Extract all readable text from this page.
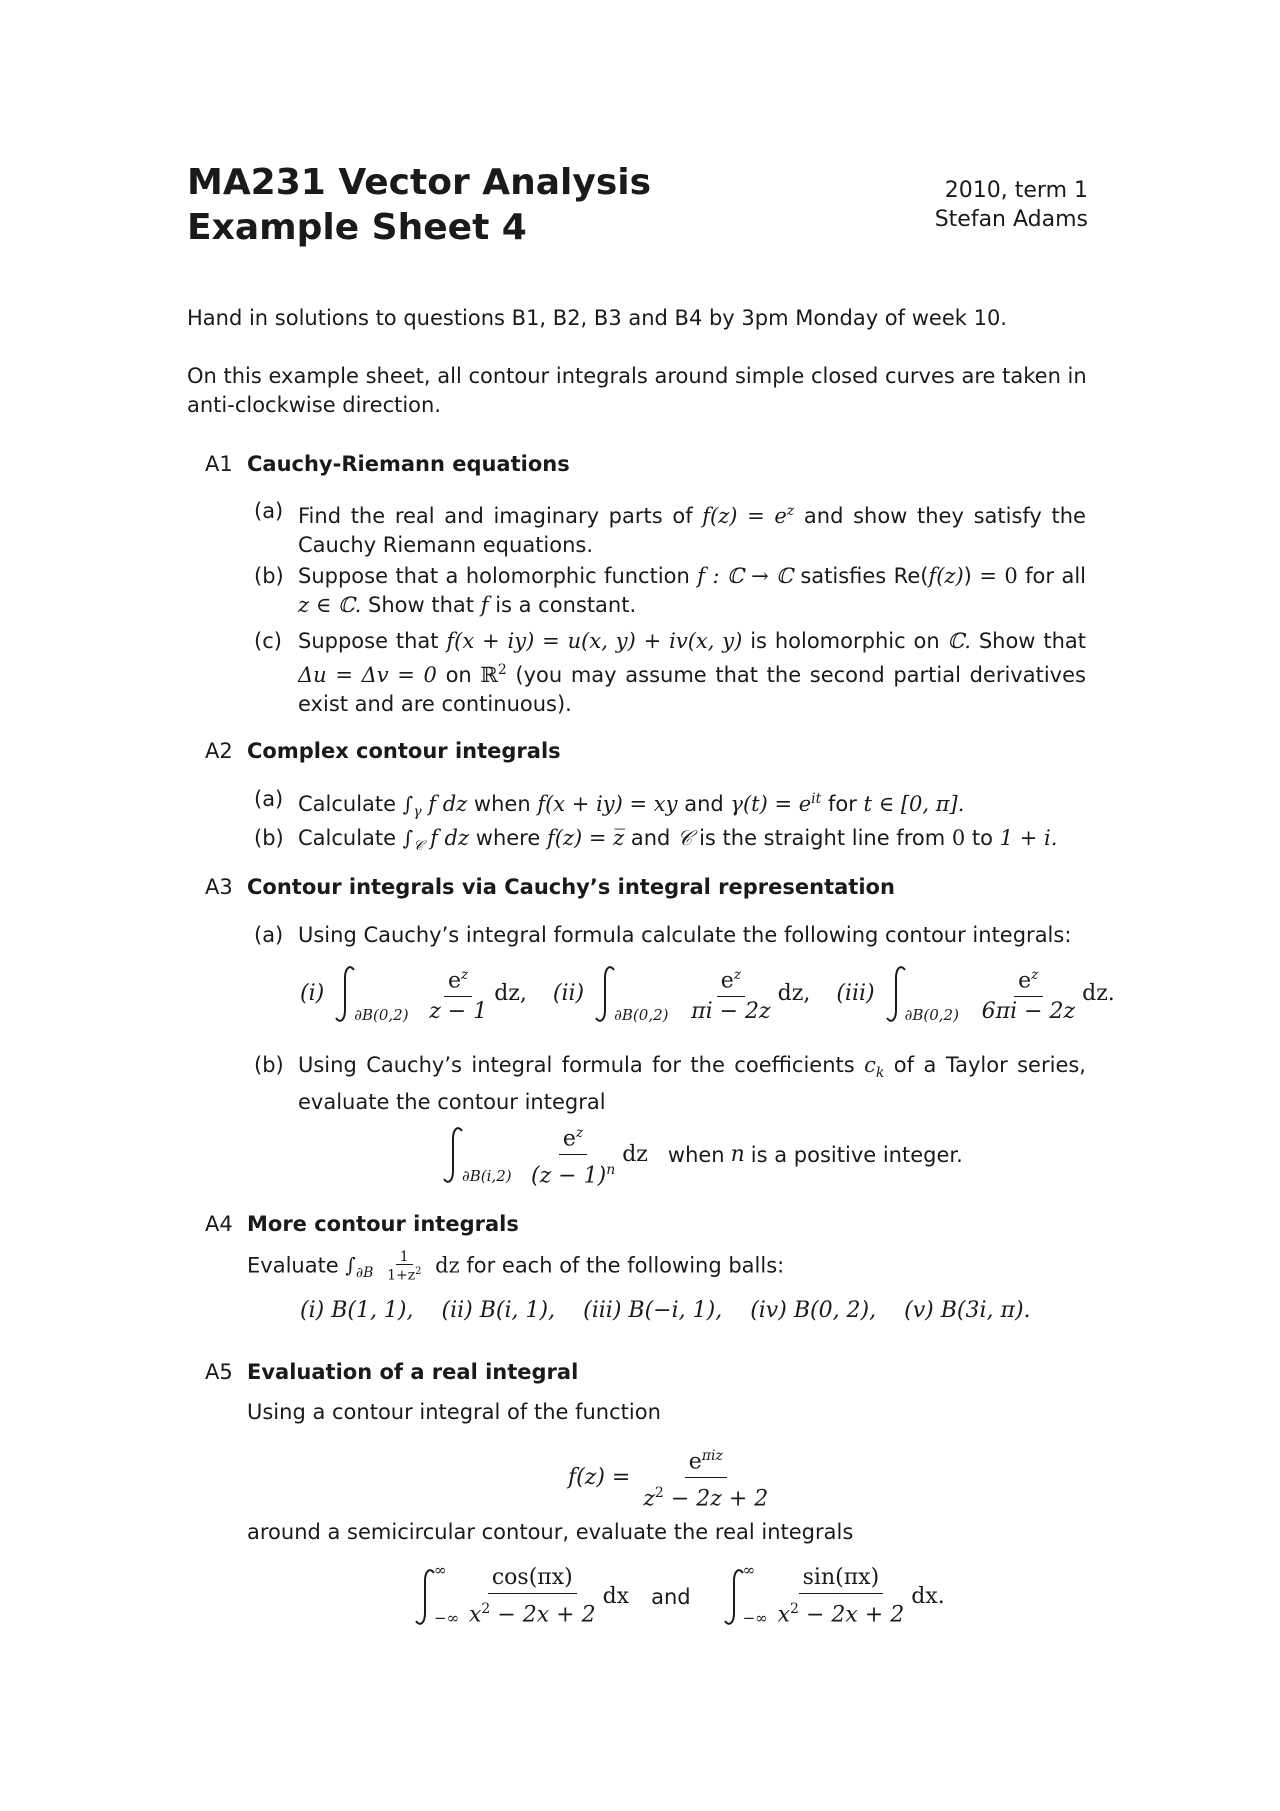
MA231 Vector Analysis
Example Sheet 4
2010, term 1
Stefan Adams
Hand in solutions to questions B1, B2, B3 and B4 by 3pm Monday of week 10.
On this example sheet, all contour integrals around simple closed curves are taken in anti-clockwise direction.
A1 Cauchy-Riemann equations
(a) Find the real and imaginary parts of $f(z) = e^z$ and show they satisfy the Cauchy Riemann equations.
(b) Suppose that a holomorphic function f : ℂ → ℂ satisfies Re(f(z)) = 0 for all z ∈ ℂ. Show that f is a constant.
(c) Suppose that f(x + iy) = u(x, y) + iv(x, y) is holomorphic on ℂ. Show that Δu = Δv = 0 on ℝ$^2$ (you may assume that the second partial derivatives exist and are continuous).
A2 Complex contour integrals
(a) Calculate $\int_\gamma$ f dz when f(x + iy) = xy and $\gamma(t) = e^{it}$ for t ∈ [0, π].
(b) Calculate $\int_𝒞$ f dz where f(z) = z̅ and 𝒞 is the straight line from 0 to 1 + i.
A3 Contour integrals via Cauchy’s integral representation
(a) Using Cauchy’s integral formula calculate the following contour integrals:
(i)
$\partial B(0,2) \frac{e^z}{z - 1}$ dz, (ii)
$\partial B(0,2) \frac{e^z}{\pi i - 2z}$ dz, (iii)
$\partial B(0,2) \frac{e^z}{6\pi i - 2z}$ dz.
(b) Using Cauchy’s integral formula for the coefficients $c_k$ of a Taylor series, evaluate the contour integral
$\partial B(i,2) \frac{e^z}{(z - 1)^n}$ dz when n is a positive integer.
A4 More contour integrals
Evaluate $\int_{\partial B} \frac{1}{1+z^2}$ dz for each of the following balls:
(i) B(1, 1), (ii) B(i, 1), (iii) B(−i, 1), (iv) B(0, 2), (v) B(3i, π).
A5 Evaluation of a real integral
Using a contour integral of the function
$f(z) = \frac{e^{\pi iz}}{z^2 - 2z + 2}$
around a semicircular contour, evaluate the real integrals
∞
−∞ $\frac{\cos(\pi x)}{x^2 - 2x + 2}$ dx and
∞
−∞ $\frac{\sin(\pi x)}{x^2 - 2x + 2}$ dx.
